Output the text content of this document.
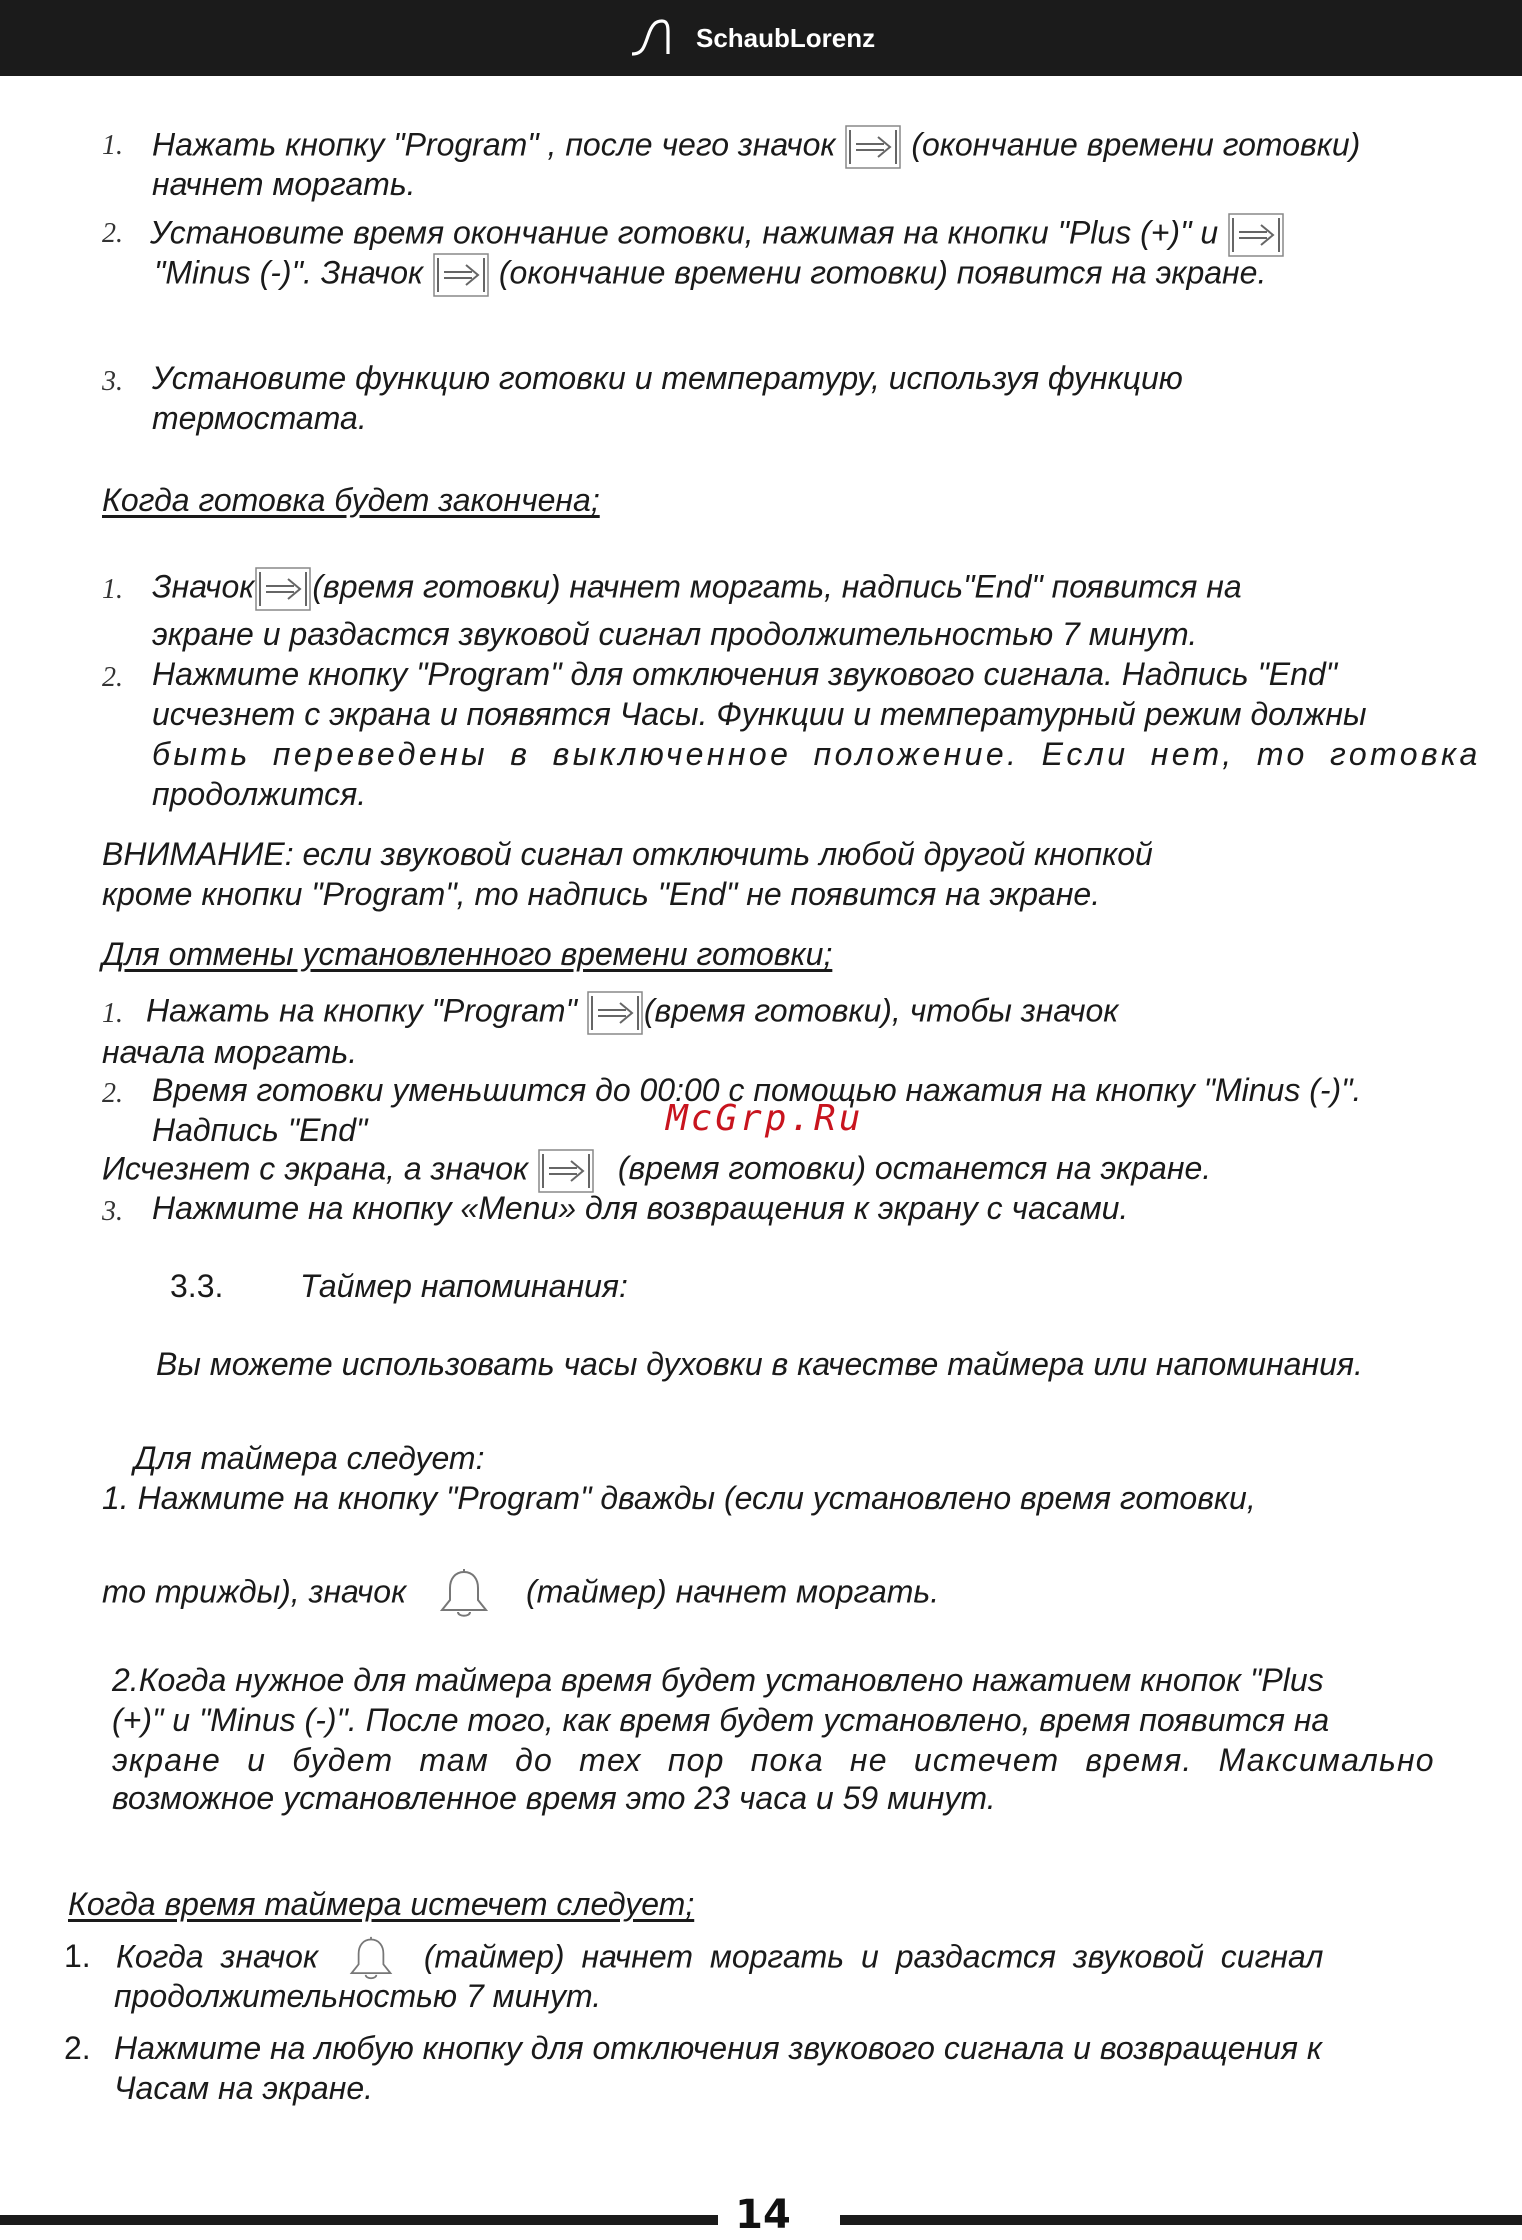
SchaubLorenz
1. Нажать кнопку "Program" , после чего значок (окончание времени готовки)
начнет моргать.
2. Установите время окончание готовки, нажимая на кнопки "Plus (+)" и
"Minus (-)". Значок (окончание времени готовки) появится на экране.
3. Установите функцию готовки и температуру, используя функцию
термостата.
Когда готовка будет закончена;
1. Значок (время готовки) начнет моргать, надпись"End" появится на
экране и раздастся звуковой сигнал продолжительностью 7 минут.
2. Нажмите кнопку "Program" для отключения звукового сигнала. Надпись "End"
исчезнет с экрана и появятся Часы. Функции и температурный режим должны
быть переведены в выключенное положение. Если нет, то готовка
продолжится.
ВНИМАНИЕ: если звуковой сигнал отключить любой другой кнопкой
кроме кнопки "Program", то надпись "End" не появится на экране.
Для отмены установленного времени готовки;
1. Нажать на кнопку "Program" (время готовки), чтобы значок
начала моргать.
2. Время готовки уменьшится до 00:00 с помощью нажатия на кнопку "Minus (-)".
Надпись "End"
Исчезнет с экрана, а значок	(время готовки) останется на экране.
3. Нажмите на кнопку «Menu» для возвращения к экрану с часами.
McGrp.Ru
3.3. Таймер напоминания:
Вы можете использовать часы духовки в качестве таймера или напоминания.
Для таймера следует:
1. Нажмите на кнопку "Program" дважды (если установлено время готовки,
то трижды), значок	(таймер) начнет моргать.
2.Когда нужное для таймера время будет установлено нажатием кнопок "Plus
(+)" и "Minus (-)". После того, как время будет установлено, время появится на
экране и будет там до тех пор пока не истечет время. Максимально
возможное установленное время это 23 часа и 59 минут.
Когда время таймера истечет следует;
1. Когда значок	(таймер) начнет моргать и раздастся звуковой сигнал
продолжительностью 7 минут.
2. Нажмите на любую кнопку для отключения звукового сигнала и возвращения к
Часам на экране.
14
